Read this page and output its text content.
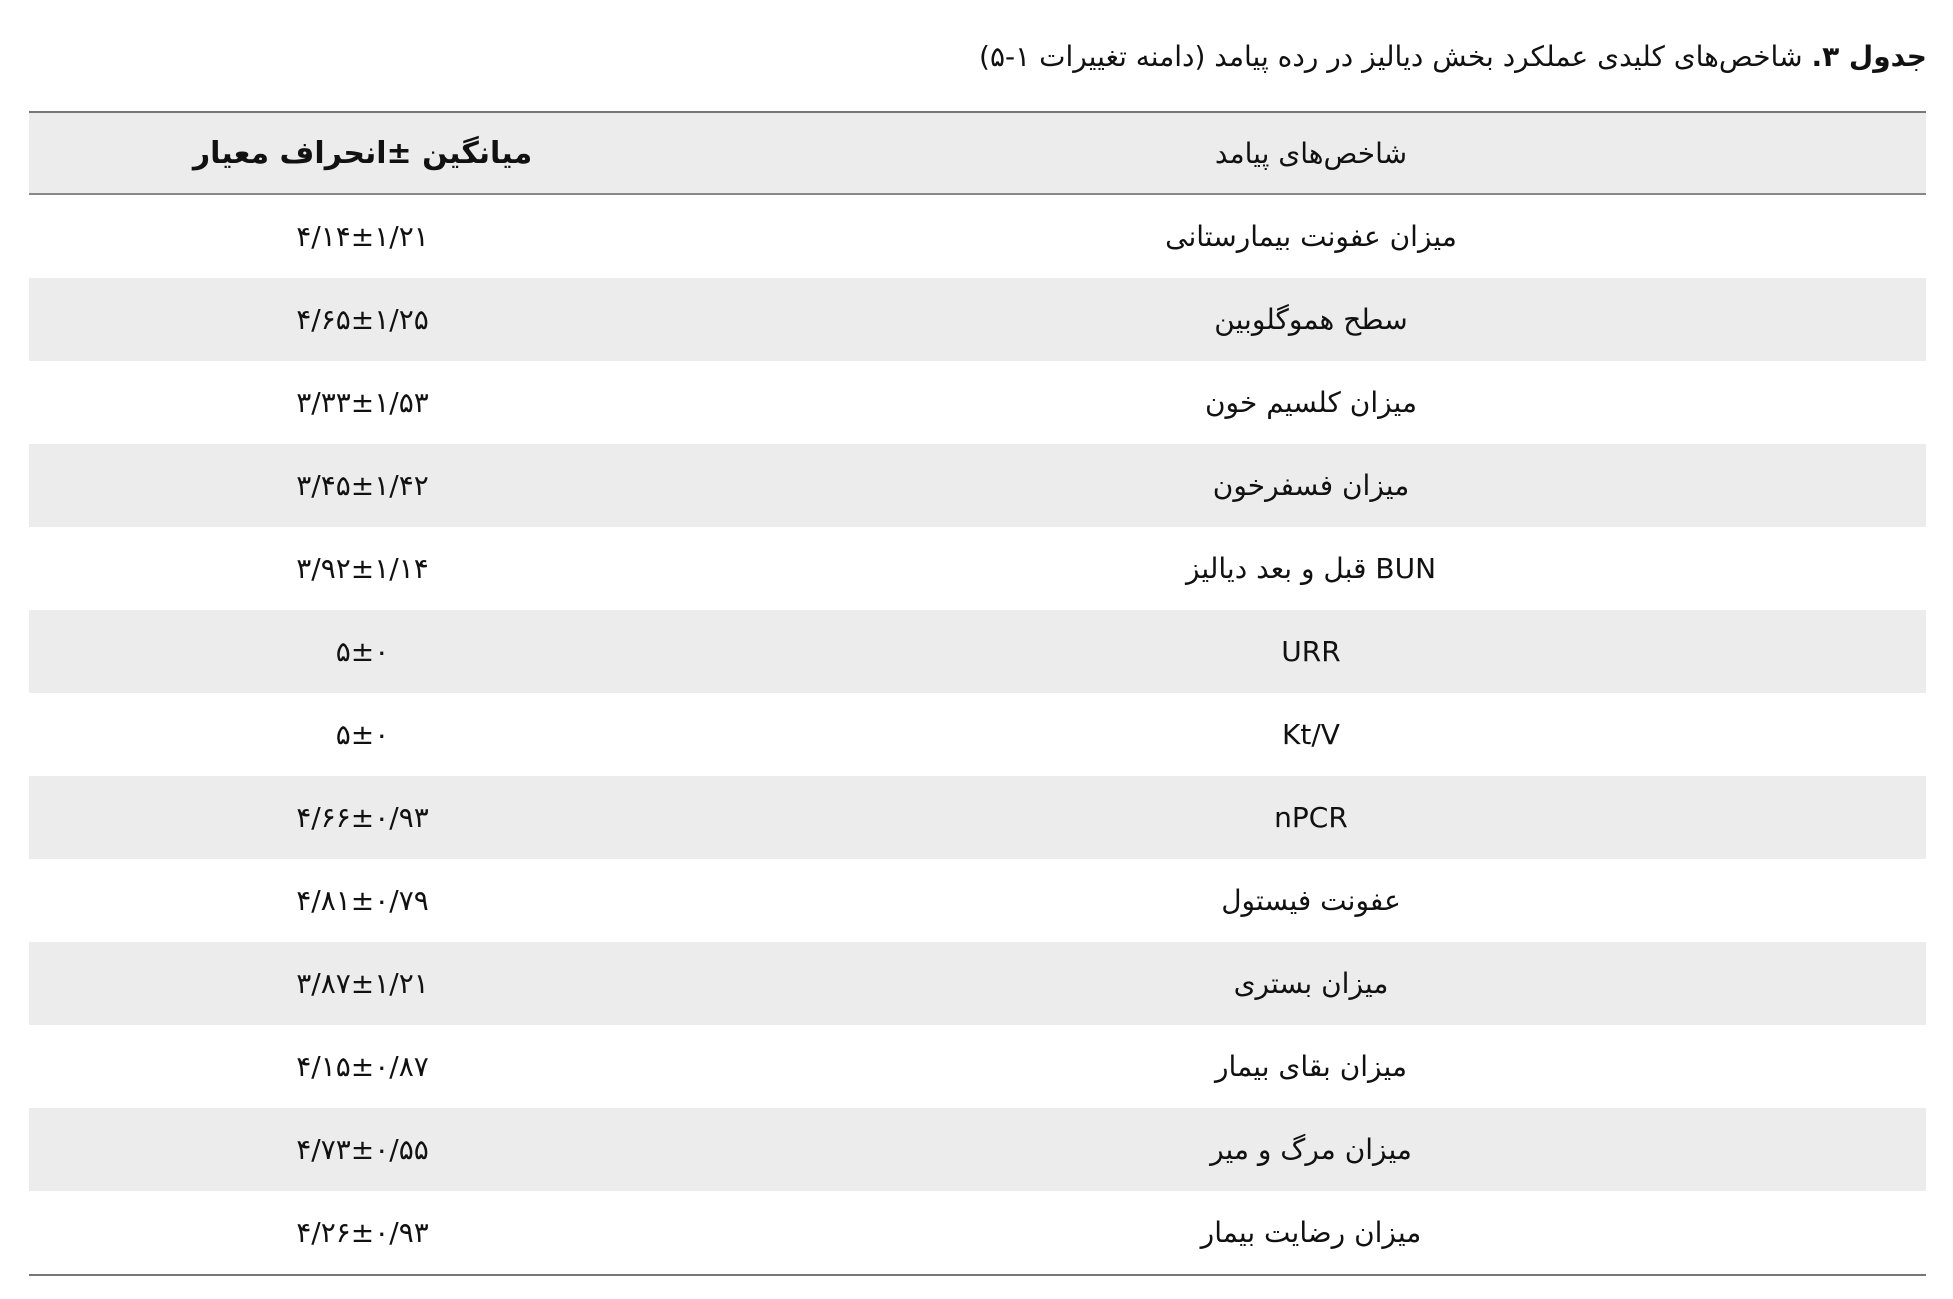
جدول ۳. شاخص‌های کلیدی عملکرد بخش دیالیز در رده پیامد (دامنه تغییرات ۱-۵)
شاخص‌های پیامد
میانگین ±انحراف معیار
میزان عفونت بیمارستانی
۴/۱۴±۱/۲۱
سطح هموگلوبین
۴/۶۵±۱/۲۵
میزان کلسیم خون
۳/۳۳±۱/۵۳
میزان فسفرخون
۳/۴۵±۱/۴۲
BUN قبل و بعد دیالیز
۳/۹۲±۱/۱۴
URR
۵±۰
Kt/V
۵±۰
nPCR
۴/۶۶±۰/۹۳
عفونت فیستول
۴/۸۱±۰/۷۹
میزان بستری
۳/۸۷±۱/۲۱
میزان بقای بیمار
۴/۱۵±۰/۸۷
میزان مرگ و میر
۴/۷۳±۰/۵۵
میزان رضایت بیمار
۴/۲۶±۰/۹۳
